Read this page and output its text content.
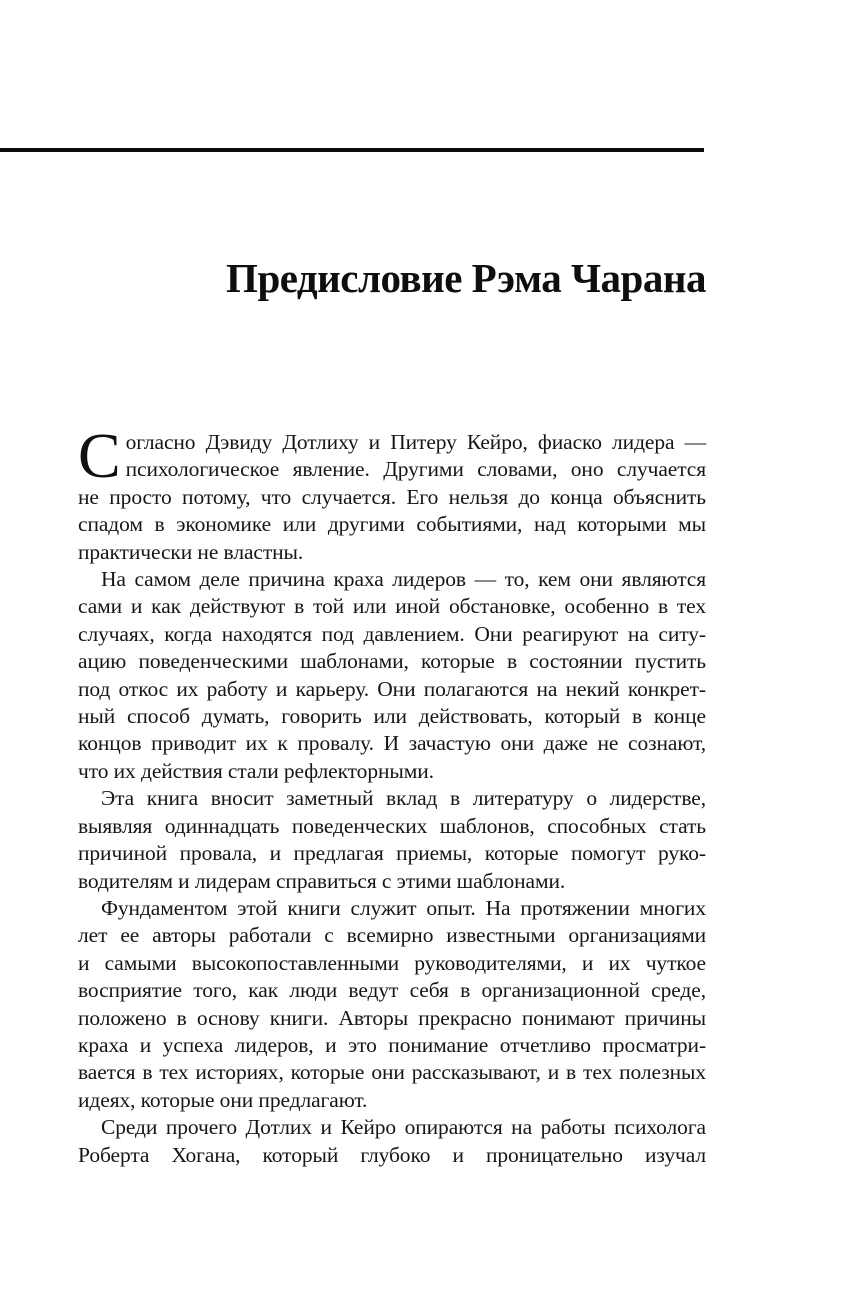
Предисловие Рэма Чарана
С огласно Дэвиду Дотлиху и Питеру Кейро, фиаско лидера —
психологическое явление. Другими словами, оно случается
не просто потому, что случается. Его нельзя до конца объяснить
спадом в экономике или другими событиями, над которыми мы
практически не властны.
На самом деле причина краха лидеров — то, кем они являются
сами и как действуют в той или иной обстановке, особенно в тех
случаях, когда находятся под давлением. Они реагируют на ситу-
ацию поведенческими шаблонами, которые в состоянии пустить
под откос их работу и карьеру. Они полагаются на некий конкрет-
ный способ думать, говорить или действовать, который в конце
концов приводит их к провалу. И зачастую они даже не сознают,
что их действия стали рефлекторными.
Эта книга вносит заметный вклад в литературу о лидерстве,
выявляя одиннадцать поведенческих шаблонов, способных стать
причиной провала, и предлагая приемы, которые помогут руко-
водителям и лидерам справиться с этими шаблонами.
Фундаментом этой книги служит опыт. На протяжении многих
лет ее авторы работали с всемирно известными организациями
и самыми высокопоставленными руководителями, и их чуткое
восприятие того, как люди ведут себя в организационной среде,
положено в основу книги. Авторы прекрасно понимают причины
краха и успеха лидеров, и это понимание отчетливо просматри-
вается в тех историях, которые они рассказывают, и в тех полезных
идеях, которые они предлагают.
Среди прочего Дотлих и Кейро опираются на работы психолога
Роберта Хогана, который глубоко и проницательно изучал
